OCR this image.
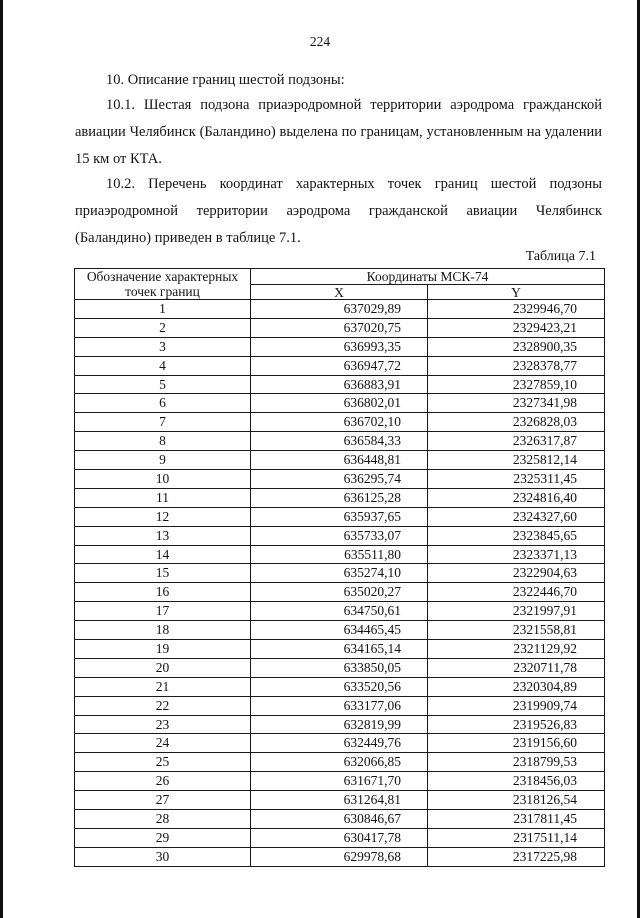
224
10. Описание границ шестой подзоны:
10.1. Шестая подзона приаэродромной территории аэродрома гражданской
авиации Челябинск (Баландино) выделена по границам, установленным на удалении
15 км от КТА.
10.2. Перечень координат характерных точек границ шестой подзоны
приаэродромной территории аэродрома гражданской авиации Челябинск
(Баландино) приведен в таблице 7.1.
Таблица 7.1
Обозначение характерных точек границ	Координаты МСК-74	
	X	Y
1	637029,89	2329946,70
2	637020,75	2329423,21
3	636993,35	2328900,35
4	636947,72	2328378,77
5	636883,91	2327859,10
6	636802,01	2327341,98
7	636702,10	2326828,03
8	636584,33	2326317,87
9	636448,81	2325812,14
10	636295,74	2325311,45
11	636125,28	2324816,40
12	635937,65	2324327,60
13	635733,07	2323845,65
14	635511,80	2323371,13
15	635274,10	2322904,63
16	635020,27	2322446,70
17	634750,61	2321997,91
18	634465,45	2321558,81
19	634165,14	2321129,92
20	633850,05	2320711,78
21	633520,56	2320304,89
22	633177,06	2319909,74
23	632819,99	2319526,83
24	632449,76	2319156,60
25	632066,85	2318799,53
26	631671,70	2318456,03
27	631264,81	2318126,54
28	630846,67	2317811,45
29	630417,78	2317511,14
30	629978,68	2317225,98
